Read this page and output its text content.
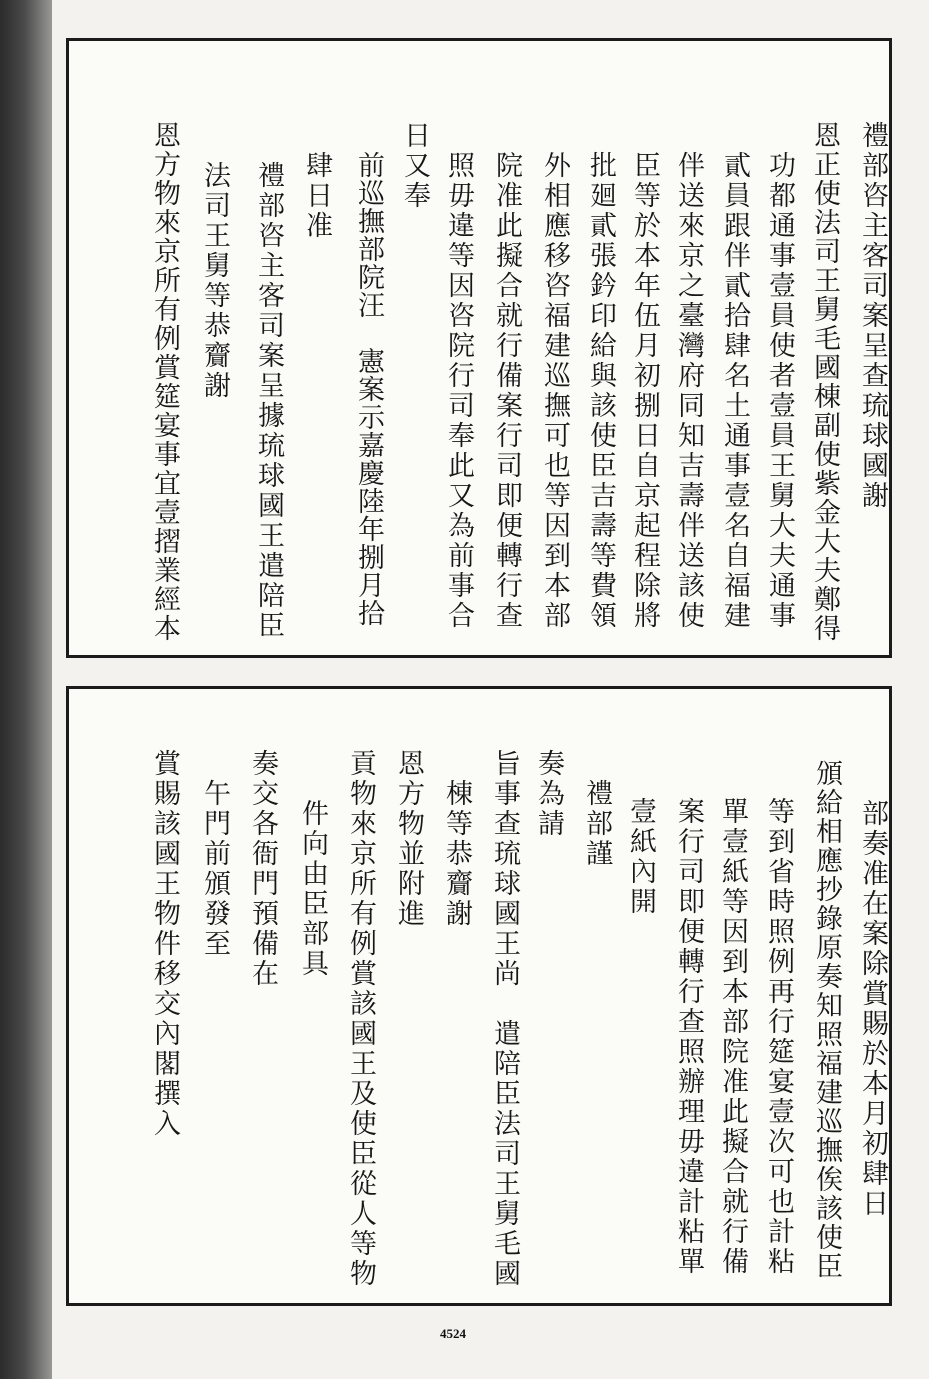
禮部咨主客司案呈查琉球國謝
恩正使法司王舅毛國棟副使紫金大夫鄭得
功都通事壹員使者壹員王舅大夫通事
貳員跟伴貳拾肆名土通事壹名自福建
伴送來京之臺灣府同知吉壽伴送該使
臣等於本年伍月初捌日自京起程除將
批廻貳張鈐印給與該使臣吉壽等費領
外相應移咨福建巡撫可也等因到本部
院准此擬合就行備案行司即便轉行查
照毋違等因咨院行司奉此又為前事合
日又奉
前巡撫部院汪　憲案示嘉慶陸年捌月拾
肆日准
禮部咨主客司案呈據琉球國王遣陪臣
法司王舅等恭齎謝
恩方物來京所有例賞筵宴事宜壹摺業經本
部奏准在案除賞賜於本月初肆日
頒給相應抄錄原奏知照福建巡撫俟該使臣
等到省時照例再行筵宴壹次可也計粘
單壹紙等因到本部院准此擬合就行備
案行司即便轉行查照辦理毋違計粘單
壹紙內開
禮部謹
奏為請
旨事查琉球國王尚　遣陪臣法司王舅毛國
棟等恭齎謝
恩方物並附進
貢物來京所有例賞該國王及使臣從人等物
件向由臣部具
奏交各衙門預備在
午門前頒發至
賞賜該國王物件移交內閣撰入
4524
